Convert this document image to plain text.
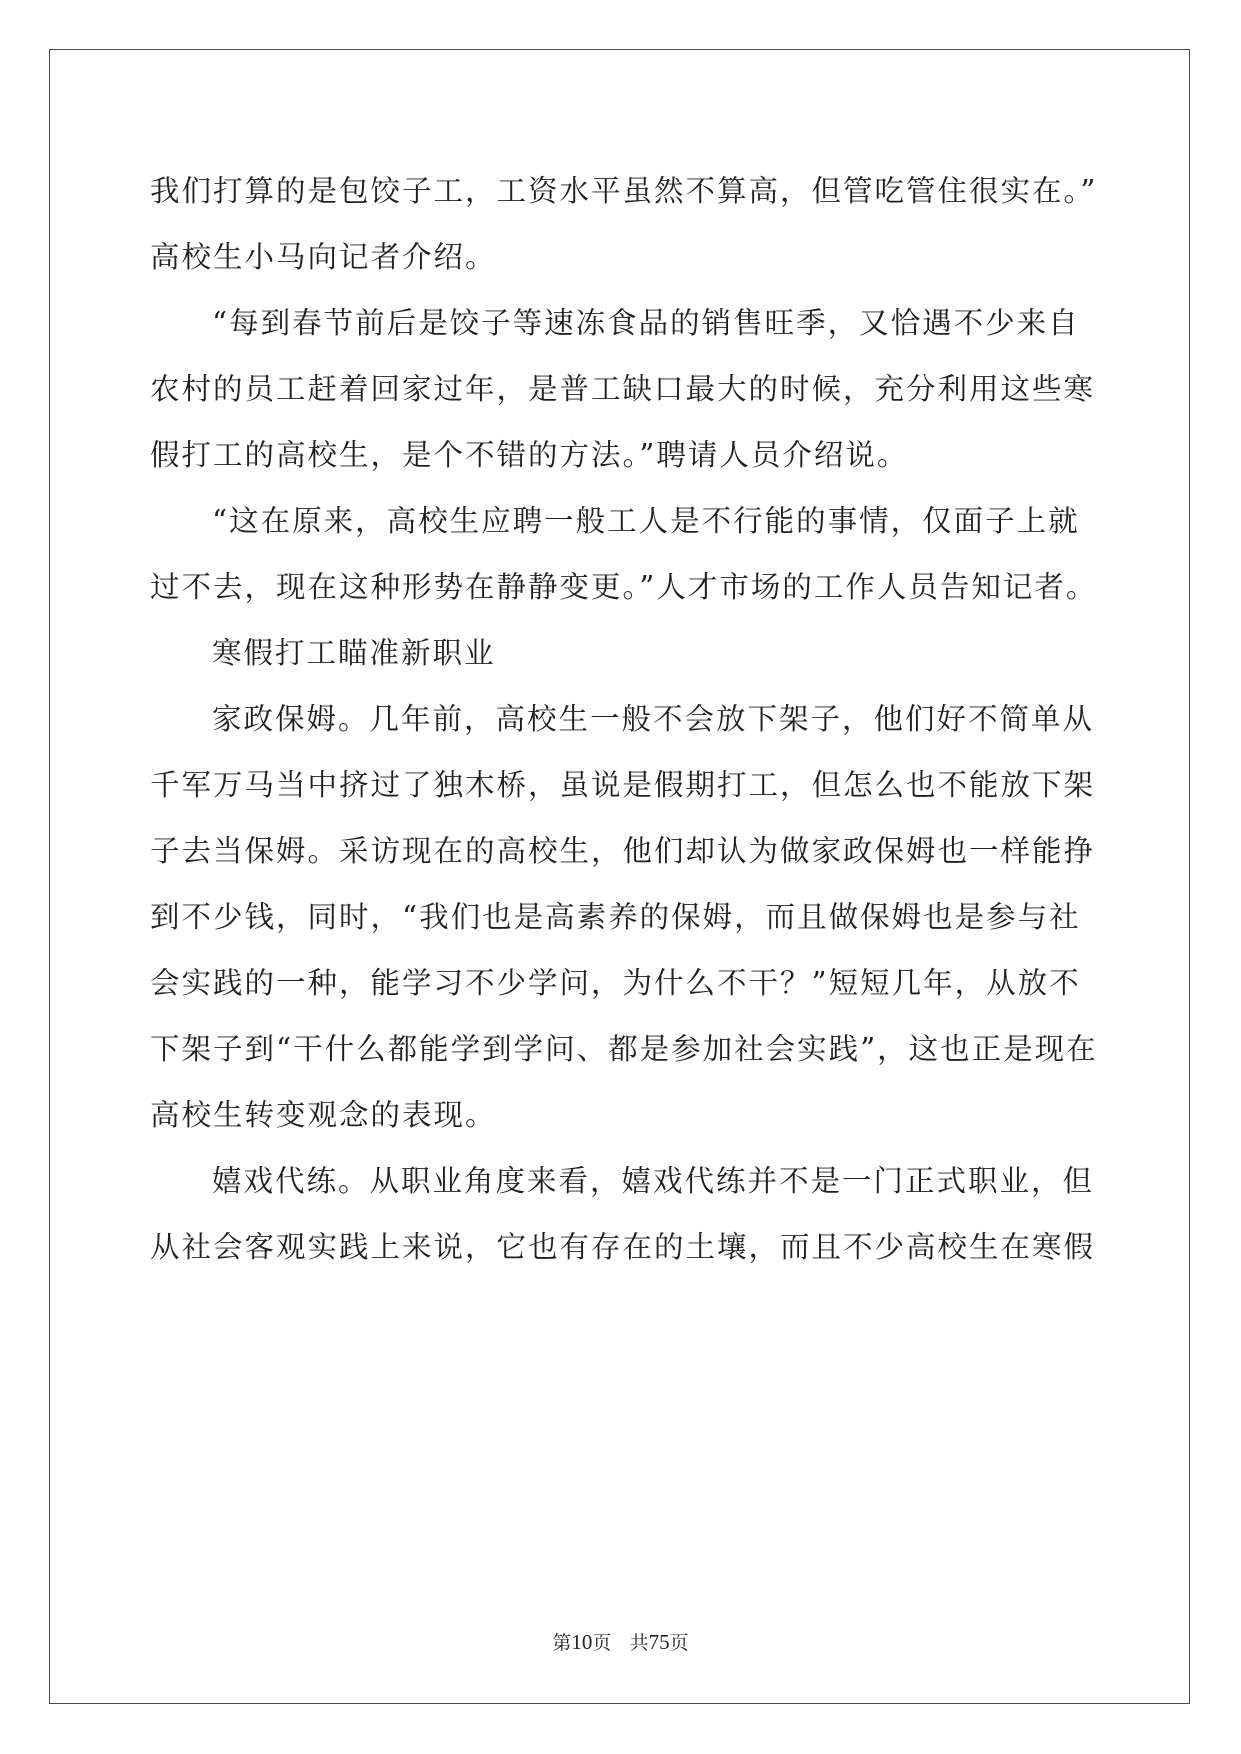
我们打算的是包饺子工，工资水平虽然不算高，但管吃管住很实在。”
高校生小马向记者介绍。
“每到春节前后是饺子等速冻食品的销售旺季，又恰遇不少来自
农村的员工赶着回家过年，是普工缺口最大的时候，充分利用这些寒
假打工的高校生，是个不错的方法。”聘请人员介绍说。
“这在原来，高校生应聘一般工人是不行能的事情，仅面子上就
过不去，现在这种形势在静静变更。”人才市场的工作人员告知记者。
寒假打工瞄准新职业
家政保姆。几年前，高校生一般不会放下架子，他们好不简单从
千军万马当中挤过了独木桥，虽说是假期打工，但怎么也不能放下架
子去当保姆。采访现在的高校生，他们却认为做家政保姆也一样能挣
到不少钱，同时，“我们也是高素养的保姆，而且做保姆也是参与社
会实践的一种，能学习不少学问，为什么不干？”短短几年，从放不
下架子到“干什么都能学到学问、都是参加社会实践”，这也正是现在
高校生转变观念的表现。
嬉戏代练。从职业角度来看，嬉戏代练并不是一门正式职业，但
从社会客观实践上来说，它也有存在的土壤，而且不少高校生在寒假
第10页 共75页
